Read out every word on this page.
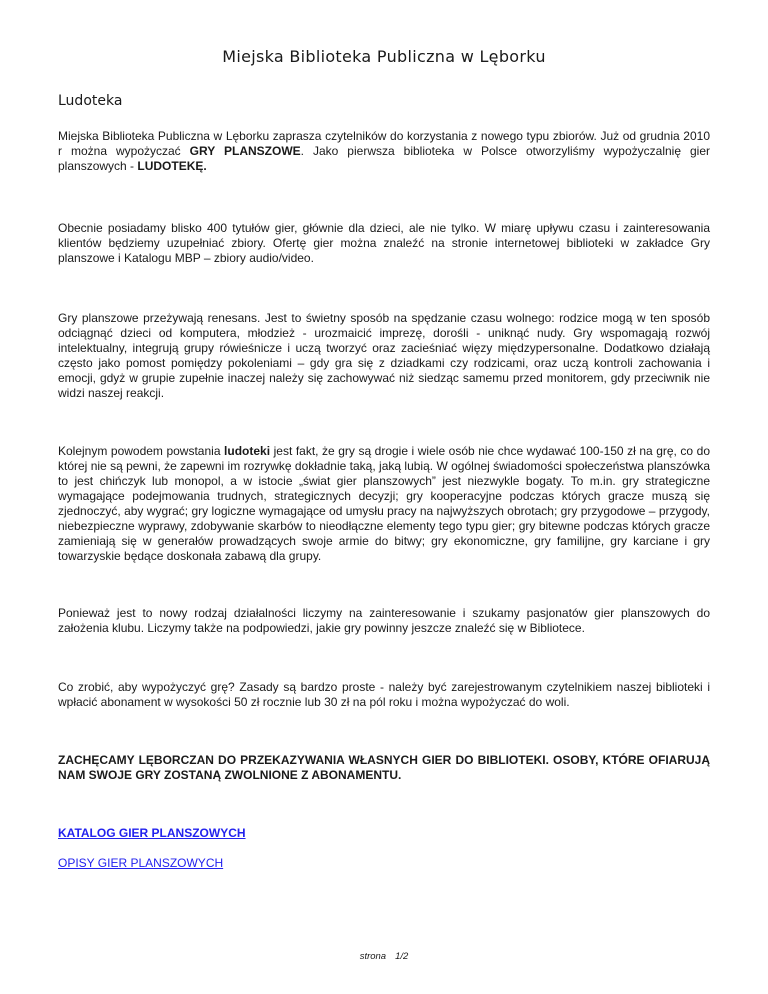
Miejska Biblioteka Publiczna w Lęborku
Ludoteka

Miejska Biblioteka Publiczna w Lęborku zaprasza czytelników do korzystania z nowego typu zbiorów. Już od grudnia 2010 r można wypożyczać GRY PLANSZOWE. Jako pierwsza biblioteka w Polsce otworzyliśmy wypożyczalnię gier planszowych - LUDOTEKĘ.

Obecnie posiadamy blisko 400 tytułów gier, głównie dla dzieci, ale nie tylko. W miarę upływu czasu i zainteresowania klientów będziemy uzupełniać zbiory. Ofertę gier można znaleźć na stronie internetowej biblioteki w zakładce Gry planszowe i Katalogu MBP – zbiory audio/video.

Gry planszowe przeżywają renesans. Jest to świetny sposób na spędzanie czasu wolnego: rodzice mogą w ten sposób odciągnąć dzieci od komputera, młodzież - urozmaicić imprezę, dorośli - uniknąć nudy. Gry wspomagają rozwój intelektualny, integrują grupy rówieśnicze i uczą tworzyć oraz zacieśniać więzy międzypersonalne. Dodatkowo działają często jako pomost pomiędzy pokoleniami – gdy gra się z dziadkami czy rodzicami, oraz uczą kontroli zachowania i emocji, gdyż w grupie zupełnie inaczej należy się zachowywać niż siedząc samemu przed monitorem, gdy przeciwnik nie widzi naszej reakcji.

Kolejnym powodem powstania ludoteki jest fakt, że gry są drogie i wiele osób nie chce wydawać 100-150 zł na grę, co do której nie są pewni, że zapewni im rozrywkę dokładnie taką, jaką lubią. W ogólnej świadomości społeczeństwa planszówka to jest chińczyk lub monopol, a w istocie „świat gier planszowych” jest niezwykle bogaty. To m.in. gry strategiczne wymagające podejmowania trudnych, strategicznych decyzji; gry kooperacyjne podczas których gracze muszą się zjednoczyć, aby wygrać; gry logiczne wymagające od umysłu pracy na najwyższych obrotach; gry przygodowe – przygody, niebezpieczne wyprawy, zdobywanie skarbów to nieodłączne elementy tego typu gier; gry bitewne podczas których gracze zamieniają się w generałów prowadzących swoje armie do bitwy; gry ekonomiczne, gry familijne, gry karciane i gry towarzyskie będące doskonała zabawą dla grupy.

Ponieważ jest to nowy rodzaj działalności liczymy na zainteresowanie i szukamy pasjonatów gier planszowych do założenia klubu. Liczymy także na podpowiedzi, jakie gry powinny jeszcze znaleźć się w Bibliotece.

Co zrobić, aby wypożyczyć grę? Zasady są bardzo proste - należy być zarejestrowanym czytelnikiem naszej biblioteki i wpłacić abonament w wysokości 50 zł rocznie lub 30 zł na pól roku i można wypożyczać do woli.

ZACHĘCAMY LĘBORCZAN DO PRZEKAZYWANIA WŁASNYCH GIER DO BIBLIOTEKI. OSOBY, KTÓRE OFIARUJĄ NAM SWOJE GRY ZOSTANĄ ZWOLNIONE Z ABONAMENTU.

KATALOG GIER PLANSZOWYCH
OPISY GIER PLANSZOWYCH
strona 1/2
